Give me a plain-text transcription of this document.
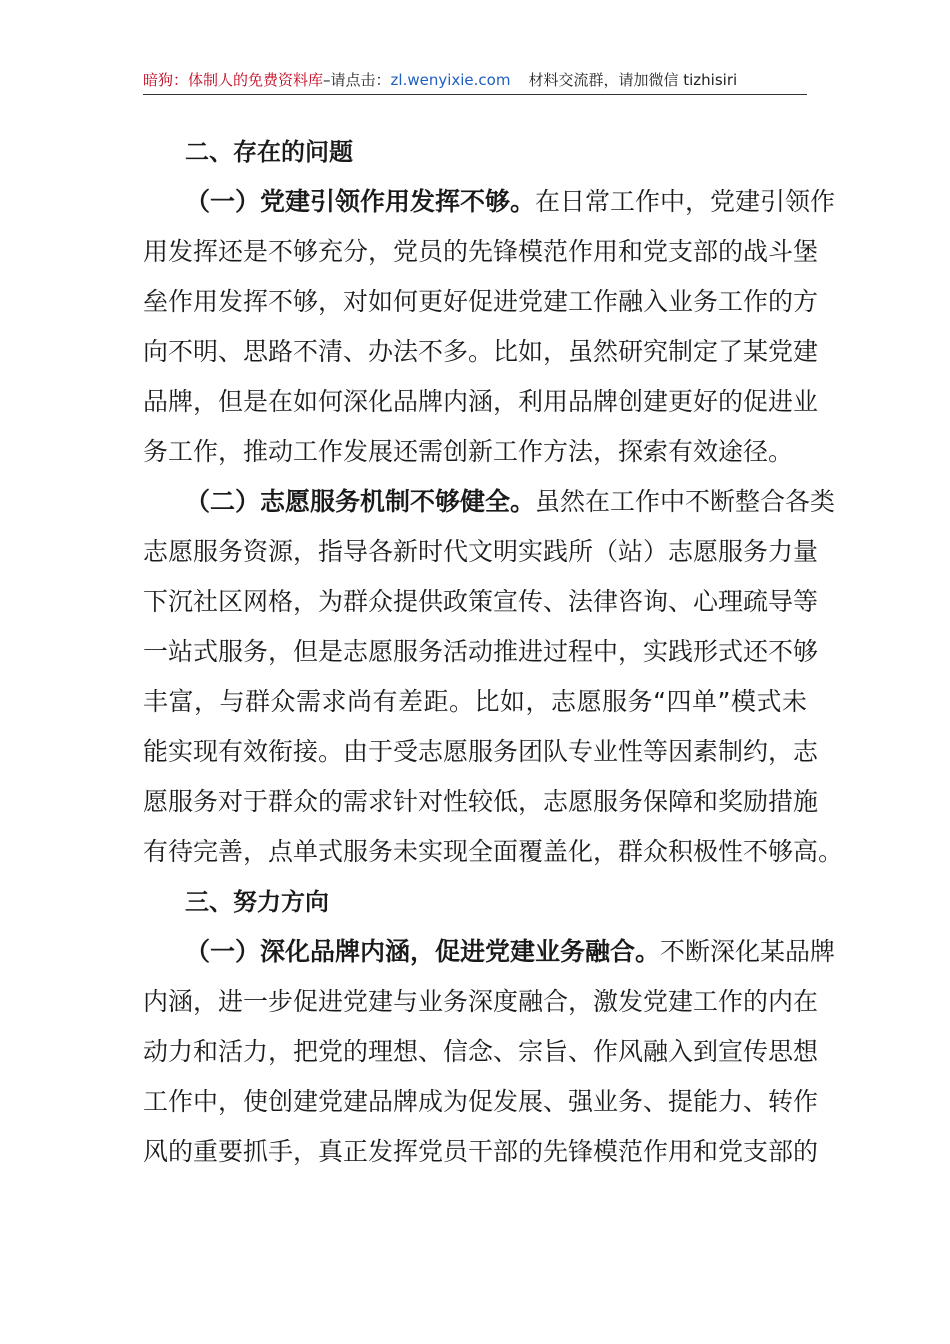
暗狗：体制人的免费资料库–请点击：zl.wenyixie.com 材料交流群，请加微信 tizhisiri
二、存在的问题
（一）党建引领作用发挥不够。在日常工作中，党建引领作
用发挥还是不够充分，党员的先锋模范作用和党支部的战斗堡
垒作用发挥不够，对如何更好促进党建工作融入业务工作的方
向不明、思路不清、办法不多。比如，虽然研究制定了某党建
品牌，但是在如何深化品牌内涵，利用品牌创建更好的促进业
务工作，推动工作发展还需创新工作方法，探索有效途径。
（二）志愿服务机制不够健全。虽然在工作中不断整合各类
志愿服务资源，指导各新时代文明实践所（站）志愿服务力量
下沉社区网格，为群众提供政策宣传、法律咨询、心理疏导等
一站式服务，但是志愿服务活动推进过程中，实践形式还不够
丰富，与群众需求尚有差距。比如，志愿服务“四单”模式未
能实现有效衔接。由于受志愿服务团队专业性等因素制约，志
愿服务对于群众的需求针对性较低，志愿服务保障和奖励措施
有待完善，点单式服务未实现全面覆盖化，群众积极性不够高。
三、努力方向
（一）深化品牌内涵，促进党建业务融合。不断深化某品牌
内涵，进一步促进党建与业务深度融合，激发党建工作的内在
动力和活力，把党的理想、信念、宗旨、作风融入到宣传思想
工作中，使创建党建品牌成为促发展、强业务、提能力、转作
风的重要抓手，真正发挥党员干部的先锋模范作用和党支部的
